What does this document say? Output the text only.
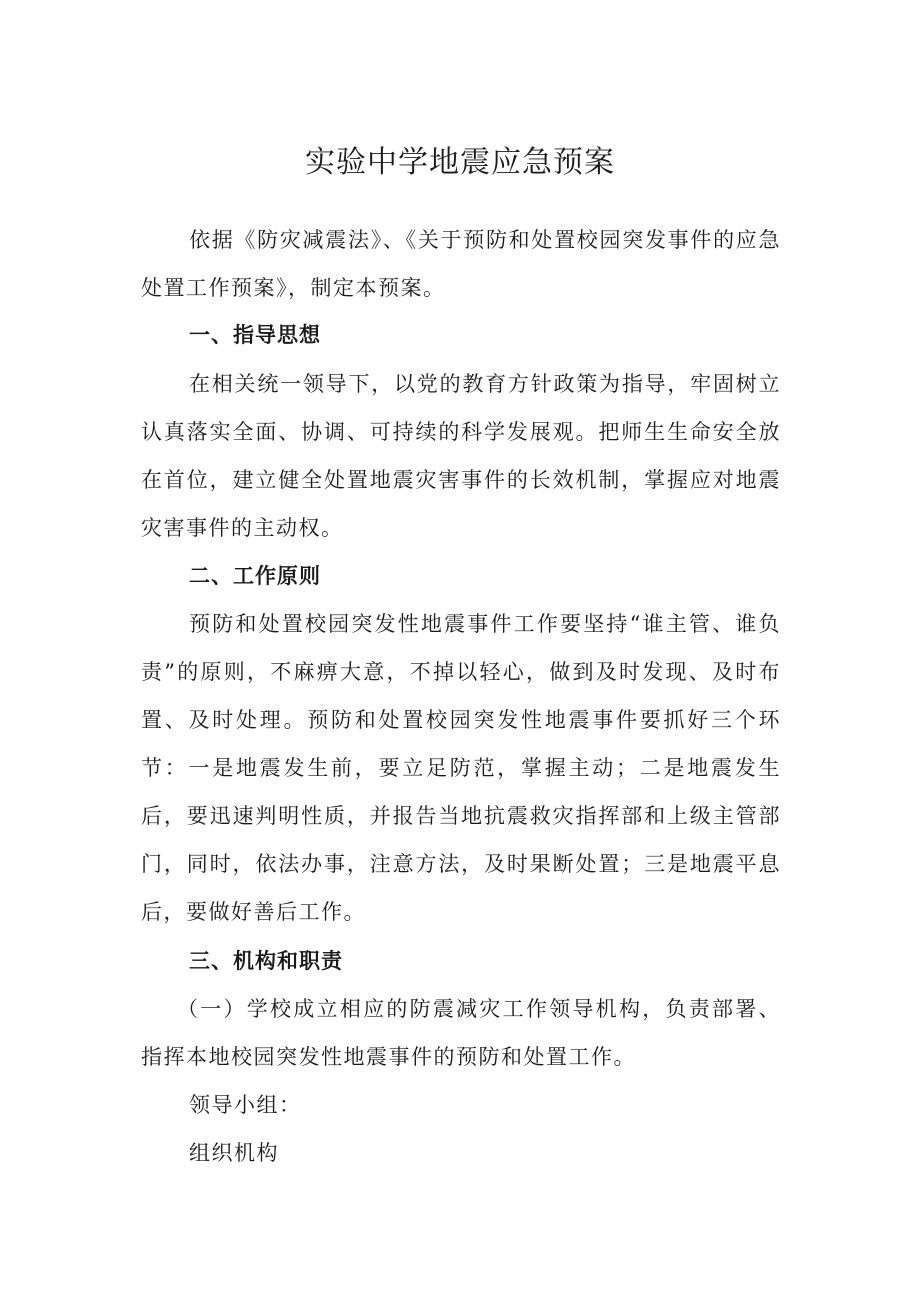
实验中学地震应急预案

依据《防灾减震法》、《关于预防和处置校园突发事件的应急处置工作预案》，制定本预案。

一、指导思想

在相关统一领导下，以党的教育方针政策为指导，牢固树立认真落实全面、协调、可持续的科学发展观。把师生生命安全放在首位，建立健全处置地震灾害事件的长效机制，掌握应对地震灾害事件的主动权。

二、工作原则

预防和处置校园突发性地震事件工作要坚持“谁主管、谁负责”的原则，不麻痹大意，不掉以轻心，做到及时发现、及时布置、及时处理。预防和处置校园突发性地震事件要抓好三个环节：一是地震发生前，要立足防范，掌握主动；二是地震发生后，要迅速判明性质，并报告当地抗震救灾指挥部和上级主管部门，同时，依法办事，注意方法，及时果断处置；三是地震平息后，要做好善后工作。

三、机构和职责

（一）学校成立相应的防震减灾工作领导机构，负责部署、指挥本地校园突发性地震事件的预防和处置工作。

领导小组：

组织机构
